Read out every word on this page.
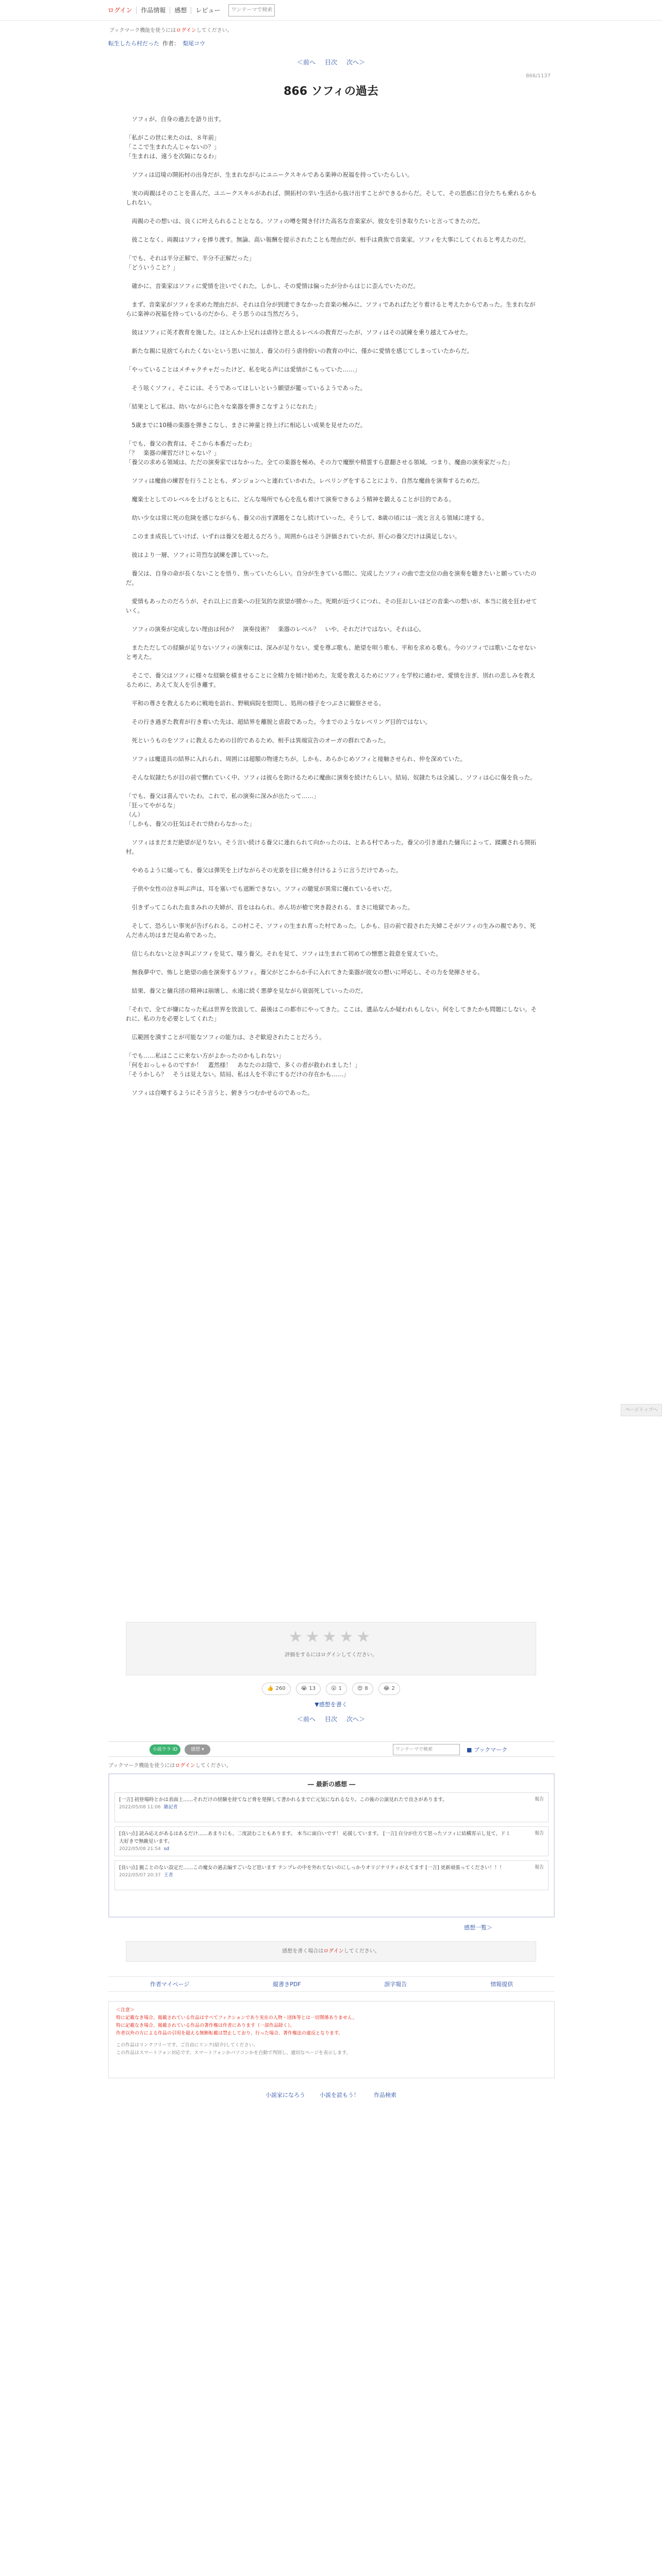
ログイン	作品情報	感想	レビュー	ワンテーマで検索
ブックマーク機能を使うにはログインしてください。
転生したら村だった 作者： 梨尾コウ
＜前へ 目次 次へ＞
866/1137
866 ソフィの過去

　ソフィが、自身の過去を語り出す。

「私がこの世に来たのは、８年前」

「ここで生まれたんじゃないの？」

「生まれは、遠うを次隔になるわ」

　ソフィは辺境の開拓村の出身だが、生まれながらにユニークスキルである楽神の祝福を持っていたらしい。

　実の両親はそのことを喜んだ。ユニークスキルがあれば、開拓村の辛い生活から抜け出すことができるからだ。そして、その思惑に自分たちも乗れるかもしれない。

　両親のその想いは、良くに叶えられることとなる。ソフィの噂を聞き付けた高名な音楽家が、彼女を引き取りたいと言ってきたのだ。

　彼ことなく、両親はソフィを捧り渡す。無論、高い報酬を提示されたことも理由だが、相手は貴族で音楽家。ソフィを大事にしてくれると考えたのだ。

「でも、それは半分正解で、半分不正解だった」

「どういうこと？」

　確かに、音楽家はソフィに愛情を注いでくれた。しかし、その愛情は偏ったが分からはじに歪んでいたのだ。

　まず、音楽家がソフィを求めた理由だが、それは自分が到達できなかった音楽の極みに、ソフィであればたどり着けると考えたからであった。生まれながらに楽神の祝福を持っているのだから、そう思うのは当然だろう。

　彼はソフィに英才教育を施した。ほとんか上兄れは虐待と思えるレベルの教育だったが、ソフィはその試練を乗り越えてみせた。

　新たな親に見捨てられたくないという思いに加え、養父の行う虐待紛いの教育の中に、僅かに愛情を感じてしまっていたからだ。

「やっていることはメチャクチャだったけど、私を叱る声には愛情がこもっていた……」

　そう呟くソフィ。そこには、そうであってほしいという願望が籠っているようであった。

「結果として私は、幼いながらに色々な楽器を弾きこなすようになれた」

　5歳までに10種の楽器を弾きこなし、まさに神童と持上げに相応しい成果を見せたのだ。

「でも、養父の教育は、そこから本番だったわ」

「？　楽器の練習だけじゃない？」

「養父の求める領域は、ただの演奏家ではなかった。全ての楽器を極め、その力で魔獣や精霊すら意翻させる領域。つまり、魔曲の演奏家だった」

　ソフィは魔曲の練習を行うこととも、ダンジョンへと連れていかれた。レベリングをすることにより、自然な魔曲を演奏するためだ。

　魔楽士としてのレベルを上げるとともに、どんな場所でも心を乱も着けて演奏できるよう精神を鍛えることが目的である。

　幼い少女は常に死の危険を感じながらも、養父の出す課題をこなし続けていった。そうして、8歳の頃には一流と言える領域に達する。

　このまま成長していけば、いずれは養父を超えるだろう。周囲からはそう評価されていたが、肝心の養父だけは満足しない。

　彼はより一層、ソフィに苛烈な試練を課していった。

　養父は、自身の命が長くないことを悟り、焦っていたらしい。自分が生きている間に、完成したソフィの曲で恋文位の曲を演奏を聴きたいと願っていたのだ。

　愛情もあったのだろうが、それ以上に音楽への狂気的な欲望が勝かった。死期が近づくにつれ、その狂おしいほどの音楽への想いが、本当に彼を狂わせていく。

　ソフィの演奏が完成しない理由は何か？　演奏技術？　楽器のレベル？　いや、それだけではない。それは心。

　またただしての経験が足りないソフィの演奏には、深みが足りない。愛を尊ぶ歌も、絶望を唄う歌も、平和を求める歌も。今のソフィでは歌いこなせないと考えた。

　そこで、養父はソフィに様々な経験を積ませることに全精力を傾け始めた。友愛を教えるためにソフィを学校に通わせ、愛情を注ぎ、別れの悲しみを教えるために、あえて友人を引き離す。

　平和の尊さを教えるために戦地を訪れ、野戦病院を慰問し、処刑の様子をつぶさに観察させる。

　その行き過ぎた教育が行き着いた先は、超結界を離脱と虐殺であった。今までのようなレベリング目的ではない。

　死というものをソフィに教えるための目的であるため、相手は異端宣告のオーガの群れであった。

　ソフィは魔道具の結界に入れられ、周囲には超額の物達たちが。しかも、あらかじめソフィと接触させられ、仲を深めていた。

　そんな奴隷たちが目の前で嬲れていく中、ソフィは彼らを助けるために魔曲に演奏を続けたらしい。結局、奴隷たちは全滅し、ソフィは心に傷を負った。

「でも、養父は喜んでいたわ。これで、私の演奏に深みが出たって……」

「狂ってやがるな」

（ん）

「しかも、養父の狂気はそれで終わらなかった」

　ソフィはまだまだ絶望が足りない。そう言い続ける養父に連れられて向かったのは、とある村であった。養父の引き連れた傭兵によって、蹂躙される開拓村。

　やめるように縋っても、養父は弾笑を上げながらその光景を目に焼き付けるように言うだけであった。

　子供や女性の泣き叫ぶ声は、耳を塞いでも遮断できない。ソフィの聴覚が異常に優れているせいだ。

　引きずってこられた血まみれの夫婦が、首をはねられ、赤ん坊が槍で突き殺される。まさに地獄であった。

　そして、恐ろしい事実が告げられる。この村こそ、ソフィの生まれ育った村であった。しかも、目の前で殺された夫婦こそがソフィの生みの親であり、死んだ赤ん坊はまだ見ぬ弟であった。

　信じられないと泣き叫ぶソフィを見て、嗤う養父。それを見て、ソフィは生まれて初めての憎悪と殺意を覚えていた。

　無我夢中で、怖しと絶望の曲を演奏するソフィ。養父がどこからか手に入れてきた楽器が彼女の想いに呼応し、その力を発揮させる。

　結果、養父と傭兵団の精神は崩壊し、永遠に続く悪夢を見ながら衰弱死していったのだ。

「それで、全てが嫌になった私は世界を放浪して、最後はこの都市にやってきた。ここは、遺品なんか疑われもしない。何をしてきたかも問題にしない。それに、私の力を必要としてくれた」

　広範囲を潰すことが可能なソフィの能力は、さぞ歓迎されたことだろう。

「でも……私はここに来ない方がよかったのかもしれない」

「何をおっしゃるのですか！　蓋然様！　あなたのお陰で、多くの者が救われました！」

「そうかしら？　そうは見えない。結局、私は人を不幸にするだけの存在かも……」

　ソフィは自嘲するようにそう言うと、俯きうつむかせるのであった。

★★★★★
評価をするにはログインしてください。
👍 260	😭 13	😮 1	😍 8	😂 2
▼感想を書く
＜前へ 目次 次へ＞
小説ウラ ID	感想 ▾	ワンテーマで検索	■ ブックマーク
ブックマーク機能を使うにはログインしてください。
― 最新の感想 ―
[一言] 初登場時とかは表面上……それだけの経験を経てなど脅を発揮して書かれるまで亡元気になれるなり。この後の公演見れたで良さがあります。
2022/05/08 11:06 雑記者
報告
[良い点] 読み応えがあるはあるだけ……あまりにも、二度読むこともあります。 本当に面白いです！ 応援しています。 [一言] 自分が仕方て思ったソフィに結構雰示し見て、ドミ大好きで無敵見います。
2022/05/08 21:54 sd
報告
[良い点] 親ことのない設定だ……この魔女の過去編すごいなど思います テンプレの中を外れてないのにしっかりオリジナリティがえてます [一言] 更新頑張ってください！！！
2022/05/07 20:37 王者
報告
感想一覧＞
感想を書く場合はログインしてください。
作者マイページ	縦書きPDF	誤字報告	情報提供
＜注意＞
特に記載なき場合、掲載されている作品はすべてフィクションであり実在の人物・団体等とは一切関係ありません。
特に記載なき場合、掲載されている作品の著作権は作者にあります（一部作品除く）。
作者以外の方による作品の引用を超える無断転載は禁止しており、行った場合、著作権法の違反となります。
この作品はリンクフリーです。ご自由にリンク(紹介)してください。
この作品はスマートフォン対応です。スマートフォンかパソコンかを自動で判別し、適切なページを表示します。
小説家になろう	小説を読もう！	作品検索
ページトップへ
